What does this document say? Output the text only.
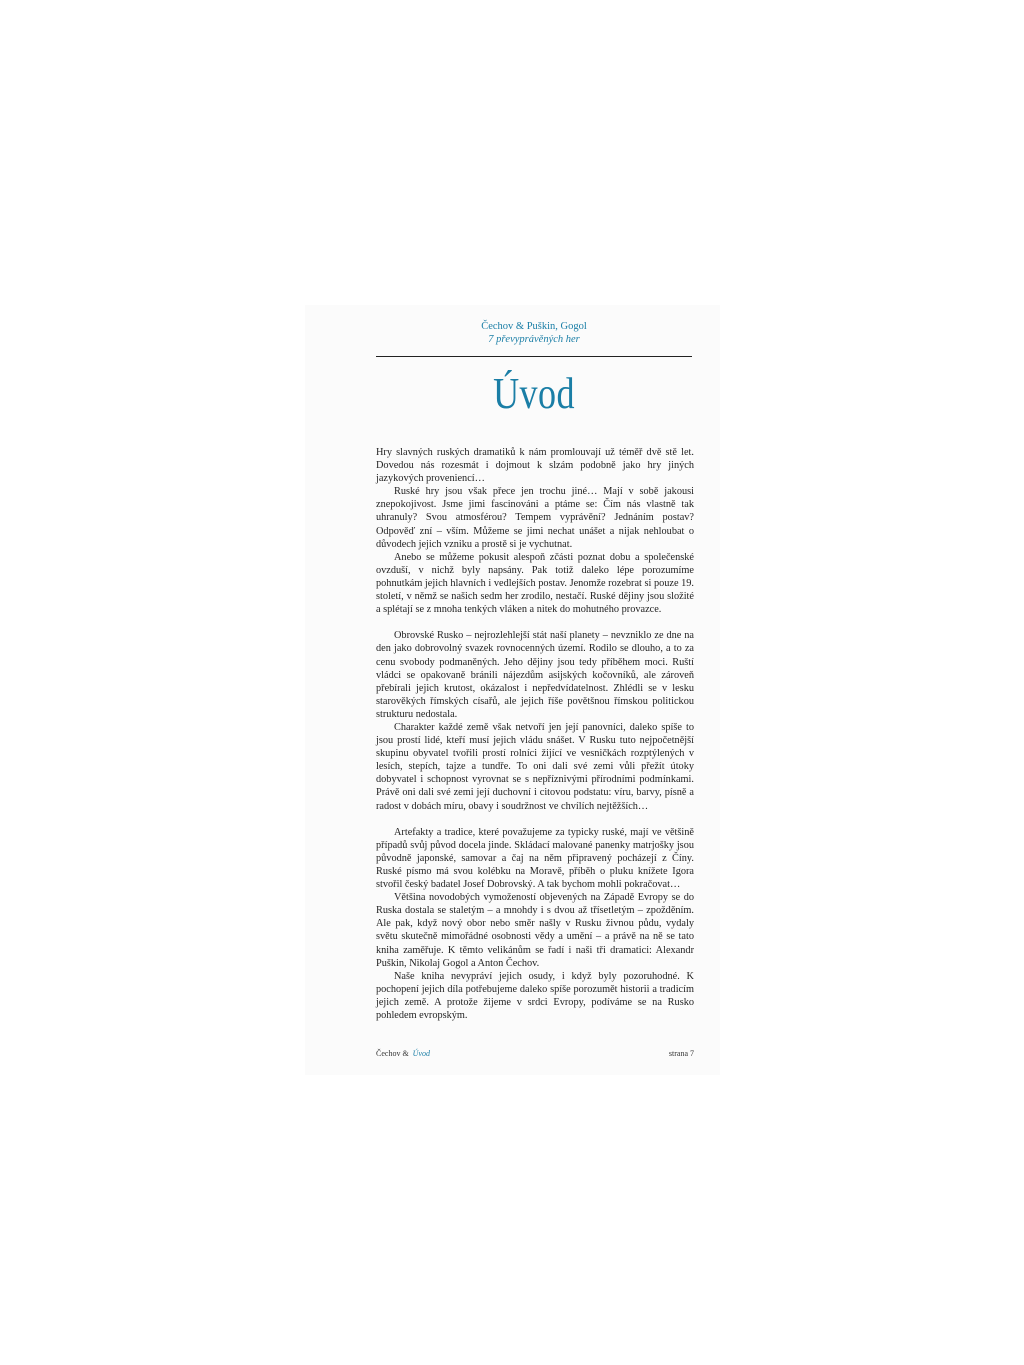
Čechov & Puškin, Gogol
7 převyprávěných her
Úvod

Hry slavných ruských dramatiků k nám promlouvají už téměř dvě stě let. Dovedou nás rozesmát i dojmout k slzám podobně jako hry jiných jazykových proveniencí…

Ruské hry jsou však přece jen trochu jiné… Mají v sobě jakousi znepokojivost. Jsme jimi fascinováni a ptáme se: Čím nás vlastně tak uhranuly? Svou atmosférou? Tempem vyprávění? Jednáním postav? Odpověď zní – vším. Můžeme se jimi nechat unášet a nijak nehloubat o důvodech jejich vzniku a prostě si je vychutnat.

Anebo se můžeme pokusit alespoň zčásti poznat dobu a společenské ovzduší, v nichž byly napsány. Pak totiž daleko lépe porozumíme pohnutkám jejich hlavních i vedlejších postav. Jenomže rozebrat si pouze 19. století, v němž se našich sedm her zrodilo, nestačí. Ruské dějiny jsou složité a splétají se z mnoha tenkých vláken a nitek do mohutného provazce.

Obrovské Rusko – nejrozlehlejší stát naší planety – nevzniklo ze dne na den jako dobrovolný svazek rovnocenných území. Rodilo se dlouho, a to za cenu svobody podmaněných. Jeho dějiny jsou tedy příběhem moci. Ruští vládci se opakovaně bránili nájezdům asijských kočovníků, ale zároveň přebírali jejich krutost, okázalost i nepředvídatelnost. Zhlédli se v lesku starověkých římských císařů, ale jejich říše povětšnou římskou politickou strukturu nedostala.

Charakter každé země však netvoří jen její panovníci, daleko spíše to jsou prostí lidé, kteří musí jejich vládu snášet. V Rusku tuto nejpočetnější skupinu obyvatel tvořili prostí rolníci žijící ve vesničkách rozptýlených v lesích, stepích, tajze a tundře. To oni dali své zemi vůli přežít útoky dobyvatel i schopnost vyrovnat se s nepříznivými přírodními podmínkami. Právě oni dali své zemi její duchovní i citovou podstatu: víru, barvy, písně a radost v dobách míru, obavy i soudržnost ve chvílích nejtěžších…

Artefakty a tradice, které považujeme za typicky ruské, mají ve většině případů svůj původ docela jinde. Skládací malované panenky matrjošky jsou původně japonské, samovar a čaj na něm připravený pocházejí z Číny. Ruské písmo má svou kolébku na Moravě, příběh o pluku knížete Igora stvořil český badatel Josef Dobrovský. A tak bychom mohli pokračovat…

Většina novodobých vymožeností objevených na Západě Evropy se do Ruska dostala se staletým – a mnohdy i s dvou až třísetletým – zpožděním. Ale pak, když nový obor nebo směr našly v Rusku živnou půdu, vydaly světu skutečně mimořádné osobnosti vědy a umění – a právě na ně se tato kniha zaměřuje. K těmto velikánům se řadí i naši tři dramatici: Alexandr Puškin, Nikolaj Gogol a Anton Čechov.

Naše kniha nevypráví jejich osudy, i když byly pozoruhodné. K pochopení jejich díla potřebujeme daleko spíše porozumět historii a tradicím jejich země. A protože žijeme v srdci Evropy, podíváme se na Rusko pohledem evropským.

Čechov & Úvod	strana 7
